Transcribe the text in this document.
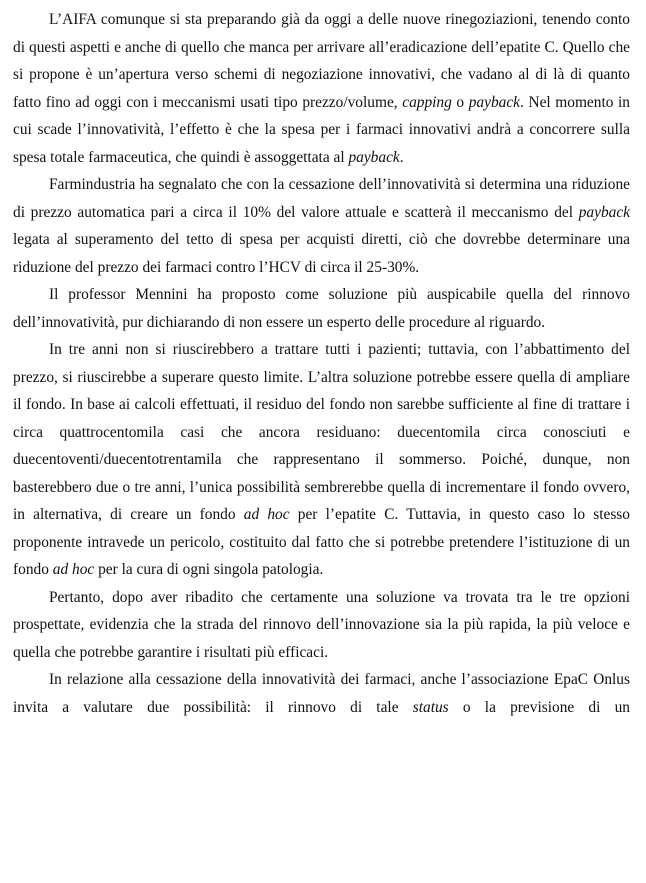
L’AIFA comunque si sta preparando già da oggi a delle nuove rinegoziazioni, tenendo conto di questi aspetti e anche di quello che manca per arrivare all’eradicazione dell’epatite C. Quello che si propone è un’apertura verso schemi di negoziazione innovativi, che vadano al di là di quanto fatto fino ad oggi con i meccanismi usati tipo prezzo/volume, capping o payback. Nel momento in cui scade l’innovatività, l’effetto è che la spesa per i farmaci innovativi andrà a concorrere sulla spesa totale farmaceutica, che quindi è assoggettata al payback.

Farmindustria ha segnalato che con la cessazione dell’innovatività si determina una riduzione di prezzo automatica pari a circa il 10% del valore attuale e scatterà il meccanismo del payback legata al superamento del tetto di spesa per acquisti diretti, ciò che dovrebbe determinare una riduzione del prezzo dei farmaci contro l’HCV di circa il 25-30%.

Il professor Mennini ha proposto come soluzione più auspicabile quella del rinnovo dell’innovatività, pur dichiarando di non essere un esperto delle procedure al riguardo.

In tre anni non si riuscirebbero a trattare tutti i pazienti; tuttavia, con l’abbattimento del prezzo, si riuscirebbe a superare questo limite. L’altra soluzione potrebbe essere quella di ampliare il fondo. In base ai calcoli effettuati, il residuo del fondo non sarebbe sufficiente al fine di trattare i circa quattrocentomila casi che ancora residuano: duecentomila circa conosciuti e duecentoventi/duecentotrentamila che rappresentano il sommerso. Poiché, dunque, non basterebbero due o tre anni, l’unica possibilità sembrerebbe quella di incrementare il fondo ovvero, in alternativa, di creare un fondo ad hoc per l’epatite C. Tuttavia, in questo caso lo stesso proponente intravede un pericolo, costituito dal fatto che si potrebbe pretendere l’istituzione di un fondo ad hoc per la cura di ogni singola patologia.

Pertanto, dopo aver ribadito che certamente una soluzione va trovata tra le tre opzioni prospettate, evidenzia che la strada del rinnovo dell’innovazione sia la più rapida, la più veloce e quella che potrebbe garantire i risultati più efficaci.

In relazione alla cessazione della innovatività dei farmaci, anche l’associazione EpaC Onlus invita a valutare due possibilità: il rinnovo di tale status o la previsione di un
